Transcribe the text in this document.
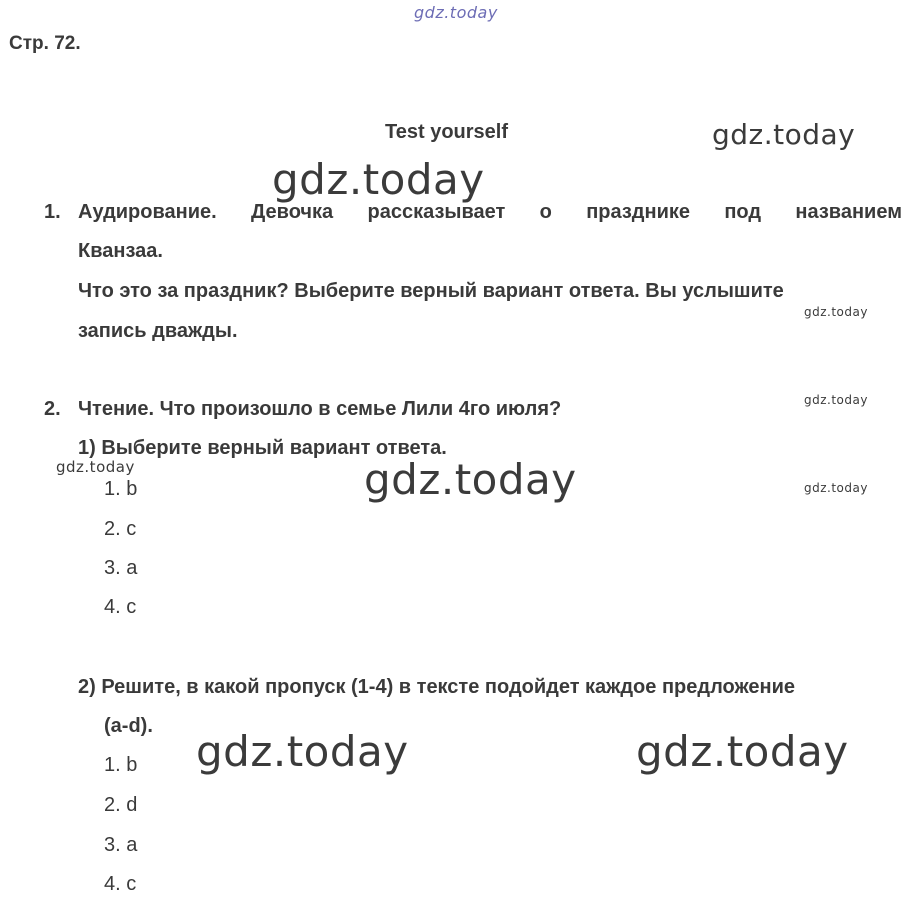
gdz.today
gdz.today
gdz.today
gdz.today
gdz.today
gdz.today	gdz.today	gdz.today
gdz.today	gdz.today
Стр. 72.
Test yourself
1. Аудирование. Девочка рассказывает о празднике под названием
Кванзаа.
Что это за праздник? Выберите верный вариант ответа. Вы услышите
запись дважды.
2. Чтение. Что произошло в семье Лили 4го июля?
1) Выберите верный вариант ответа.
1. b
2. c
3. a
4. c
2) Решите, в какой пропуск (1-4) в тексте подойдет каждое предложение
(a-d).
1. b
2. d
3. a
4. c
